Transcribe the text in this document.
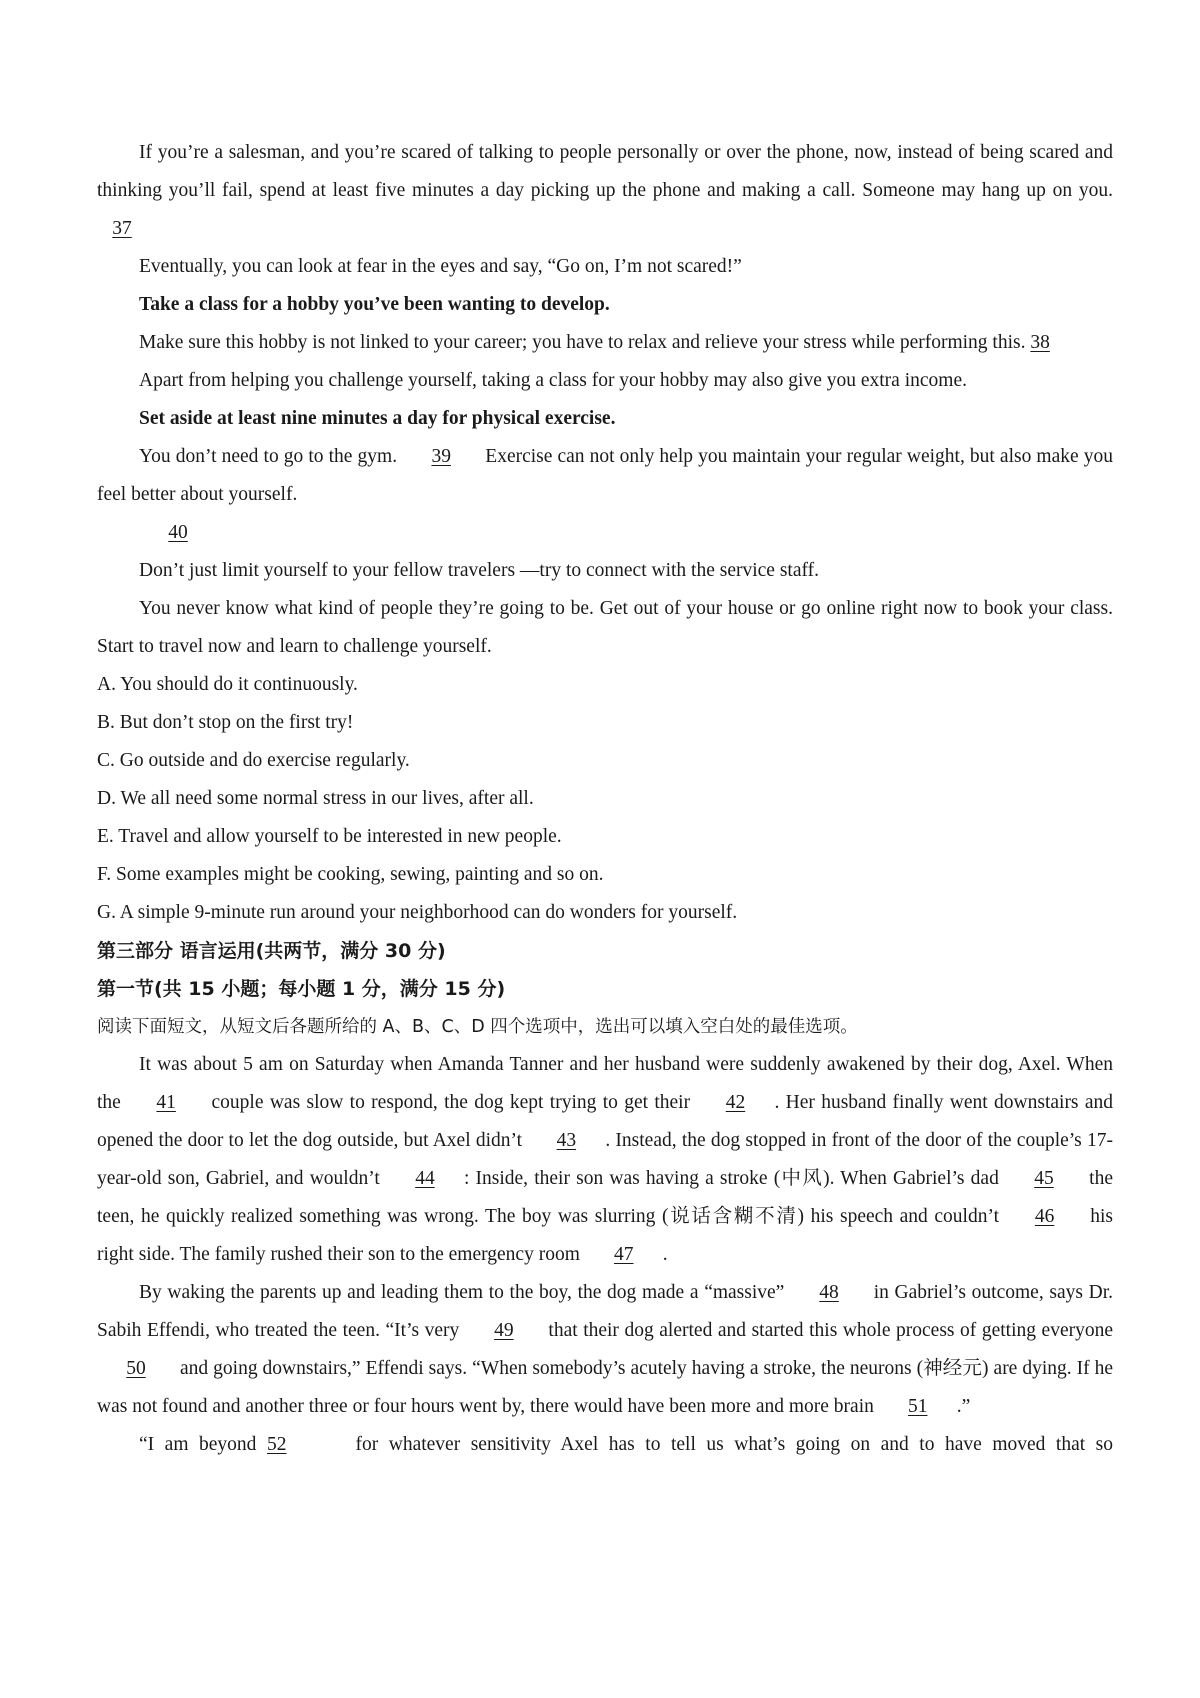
If you’re a salesman, and you’re scared of talking to people personally or over the phone, now, instead of being scared and thinking you’ll fail, spend at least five minutes a day picking up the phone and making a call. Someone may hang up on you. 37

Eventually, you can look at fear in the eyes and say, “Go on, I’m not scared!”

Take a class for a hobby you’ve been wanting to develop.

Make sure this hobby is not linked to your career; you have to relax and relieve your stress while performing this. 38

Apart from helping you challenge yourself, taking a class for your hobby may also give you extra income.

Set aside at least nine minutes a day for physical exercise.

You don’t need to go to the gym. 39 Exercise can not only help you maintain your regular weight, but also make you feel better about yourself.

40

Don’t just limit yourself to your fellow travelers —try to connect with the service staff.

You never know what kind of people they’re going to be. Get out of your house or go online right now to book your class. Start to travel now and learn to challenge yourself.

A. You should do it continuously.

B. But don’t stop on the first try!

C. Go outside and do exercise regularly.

D. We all need some normal stress in our lives, after all.

E. Travel and allow yourself to be interested in new people.

F. Some examples might be cooking, sewing, painting and so on.

G. A simple 9-minute run around your neighborhood can do wonders for yourself.

第三部分 语言运用(共两节，满分 30 分)

第一节(共 15 小题；每小题 1 分，满分 15 分)

阅读下面短文，从短文后各题所给的 A、B、C、D 四个选项中，选出可以填入空白处的最佳选项。

It was about 5 am on Saturday when Amanda Tanner and her husband were suddenly awakened by their dog, Axel. When the 41 couple was slow to respond, the dog kept trying to get their 42 . Her husband finally went downstairs and opened the door to let the dog outside, but Axel didn’t 43 . Instead, the dog stopped in front of the door of the couple’s 17-year-old son, Gabriel, and wouldn’t 44 : Inside, their son was having a stroke (中风). When Gabriel’s dad 45 the teen, he quickly realized something was wrong. The boy was slurring (说话含糊不清) his speech and couldn’t 46 his right side. The family rushed their son to the emergency room 47 .

By waking the parents up and leading them to the boy, the dog made a “massive” 48 in Gabriel’s outcome, says Dr. Sabih Effendi, who treated the teen. “It’s very 49 that their dog alerted and started this whole process of getting everyone 50 and going downstairs,” Effendi says. “When somebody’s acutely having a stroke, the neurons (神经元) are dying. If he was not found and another three or four hours went by, there would have been more and more brain 51 .”

“I am beyond 52	for whatever sensitivity Axel has to tell us what’s going on and to have moved that so
